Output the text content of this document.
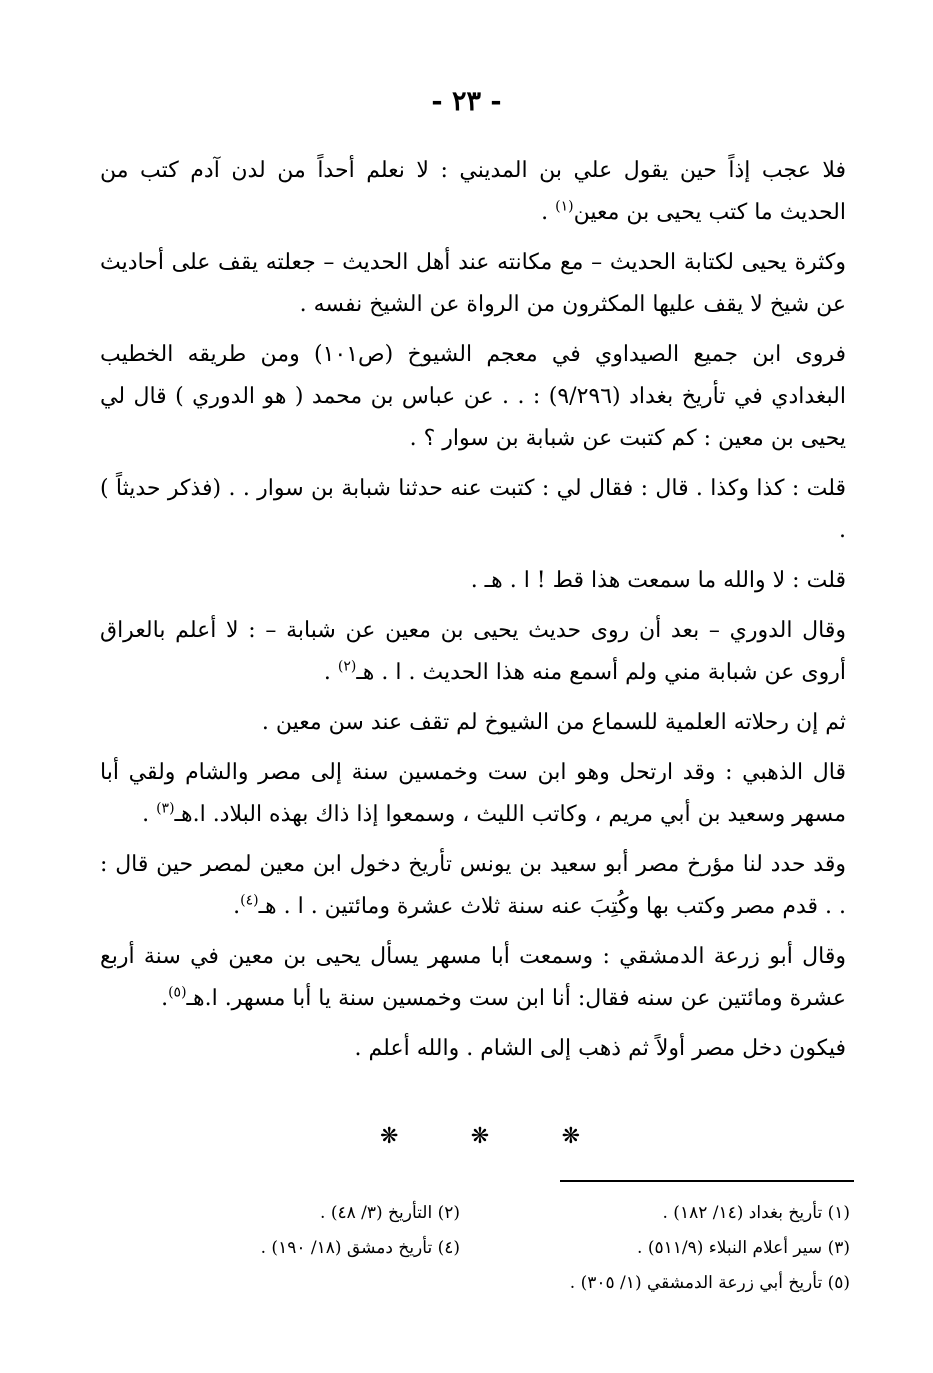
- ٢٣ -

فلا عجب إذاً حين يقول علي بن المديني : لا نعلم أحداً من لدن آدم كتب من الحديث ما كتب يحيى بن معين$^{(١)}$ .

وكثرة يحيى لكتابة الحديث – مع مكانته عند أهل الحديث – جعلته يقف على أحاديث عن شيخ لا يقف عليها المكثرون من الرواة عن الشيخ نفسه .

فروى ابن جميع الصيداوي في معجم الشيوخ (ص١٠١) ومن طريقه الخطيب البغدادي في تأريخ بغداد (٩/٢٩٦) : . . عن عباس بن محمد ( هو الدوري ) قال لي يحيى بن معين : كم كتبت عن شبابة بن سوار ؟ .

قلت : كذا وكذا . قال : فقال لي : كتبت عنه حدثنا شبابة بن سوار . . (فذكر حديثاً ) .

قلت : لا والله ما سمعت هذا قط ! ا . هـ .

وقال الدوري – بعد أن روى حديث يحيى بن معين عن شبابة – : لا أعلم بالعراق أروى عن شبابة مني ولم أسمع منه هذا الحديث . ا . هـ$^{(٢)}$ .

ثم إن رحلاته العلمية للسماع من الشيوخ لم تقف عند سن معين .

قال الذهبي : وقد ارتحل وهو ابن ست وخمسين سنة إلى مصر والشام ولقي أبا مسهر وسعيد بن أبي مريم ، وكاتب الليث ، وسمعوا إذا ذاك بهذه البلاد. ا.هـ$^{(٣)}$ .

وقد حدد لنا مؤرخ مصر أبو سعيد بن يونس تأريخ دخول ابن معين لمصر حين قال : . . قدم مصر وكتب بها وكُتِبَ عنه سنة ثلاث عشرة ومائتين . ا . هـ$^{(٤)}$.

وقال أبو زرعة الدمشقي : وسمعت أبا مسهر يسأل يحيى بن معين في سنة أربع عشرة ومائتين عن سنه فقال: أنا ابن ست وخمسين سنة يا أبا مسهر. ا.هـ$^{(٥)}$.

فيكون دخل مصر أولاً ثم ذهب إلى الشام . والله أعلم .

❋
❋
❋
(١) تأريخ بغداد (١٤/ ١٨٢) .
(٢) التأريخ (٣/ ٤٨) .
(٣) سير أعلام النبلاء (٥١١/٩) .
(٤) تأريخ دمشق (١٨/ ١٩٠) .
(٥) تأريخ أبي زرعة الدمشقي (١/ ٣٠٥) .
